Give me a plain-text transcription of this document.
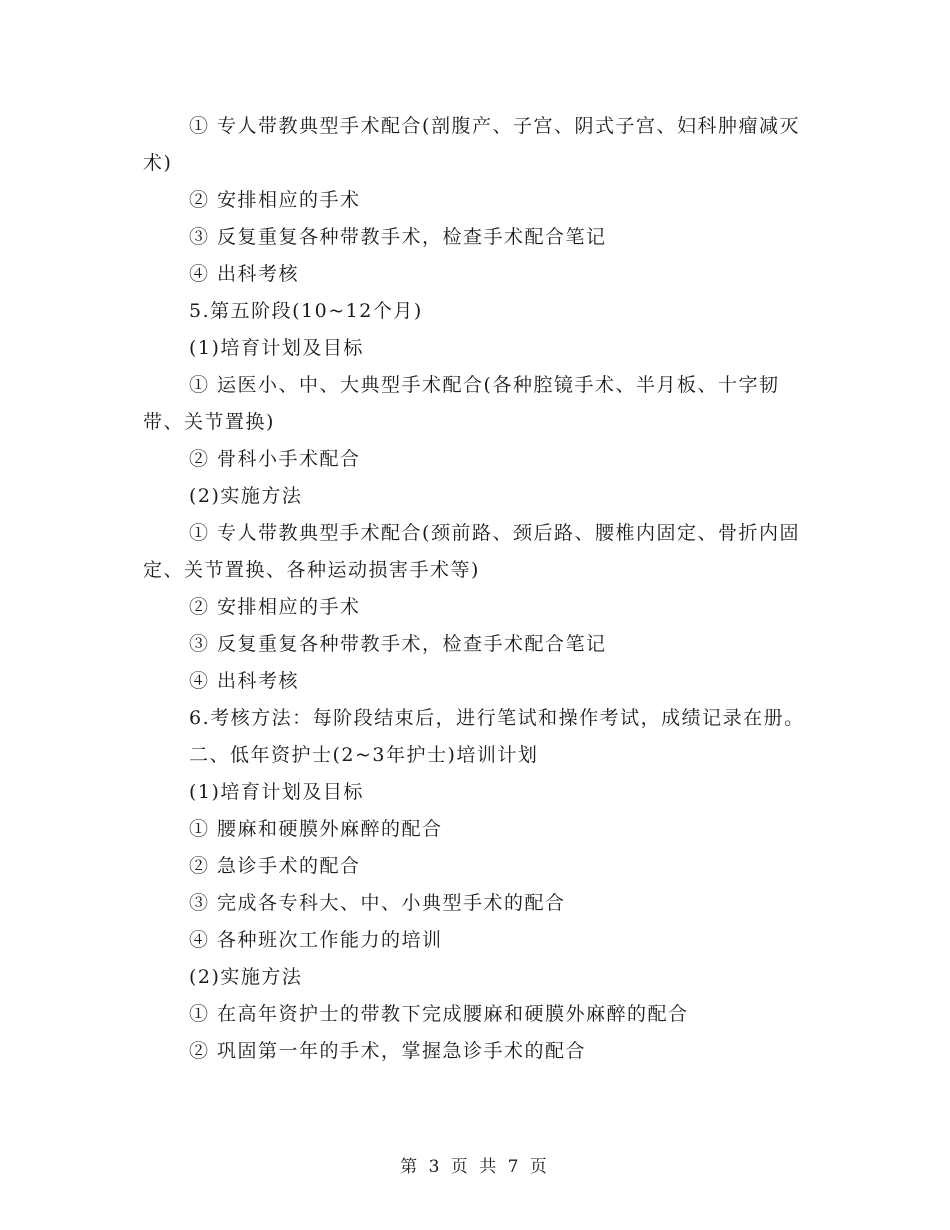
① 专人带教典型手术配合(剖腹产、子宫、阴式子宫、妇科肿瘤减灭术)

② 安排相应的手术

③ 反复重复各种带教手术，检查手术配合笔记

④ 出科考核

5.第五阶段(10~12个月)

(1)培育计划及目标

① 运医小、中、大典型手术配合(各种腔镜手术、半月板、十字韧带、关节置换)

② 骨科小手术配合

(2)实施方法

① 专人带教典型手术配合(颈前路、颈后路、腰椎内固定、骨折内固定、关节置换、各种运动损害手术等)

② 安排相应的手术

③ 反复重复各种带教手术，检查手术配合笔记

④ 出科考核

6.考核方法：每阶段结束后，进行笔试和操作考试，成绩记录在册。

二、低年资护士(2~3年护士)培训计划

(1)培育计划及目标

① 腰麻和硬膜外麻醉的配合

② 急诊手术的配合

③ 完成各专科大、中、小典型手术的配合

④ 各种班次工作能力的培训

(2)实施方法

① 在高年资护士的带教下完成腰麻和硬膜外麻醉的配合

② 巩固第一年的手术，掌握急诊手术的配合

第 3 页 共 7 页
